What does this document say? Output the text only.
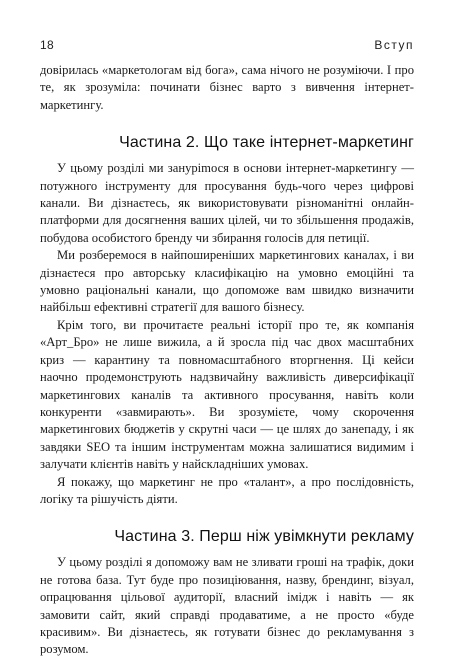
18	Вступ

довірилась «маркетологам від бога», сама нічого не розуміючи. І про те, як зрозуміла: починати бізнес варто з вивчення інтернет-маркетингу.

Частина 2. Що таке інтернет-маркетинг

У цьому розділі ми занурimося в основи інтернет-маркетингу — потужного інструменту для просування будь-чого через цифрові канали. Ви дізнаєтесь, як використовувати різноманітні онлайн-платформи для досягнення ваших цілей, чи то збільшення продажів, побудова особистого бренду чи збирання голосів для петиції.

Ми розберемося в найпоширеніших маркетингових каналах, і ви дізнаєтеся про авторську класифікацію на умовно емоційні та умовно раціональні канали, що допоможе вам швидко визначити найбільш ефективні стратегії для вашого бізнесу.

Крім того, ви прочитаєте реальні історії про те, як компанія «Арт_Бро» не лише вижила, а й зросла під час двох масштабних криз — карантину та повномасштабного вторгнення. Ці кейси наочно продемонструють надзвичайну важливість диверсифікації маркетингових каналів та активного просування, навіть коли конкуренти «завмирають». Ви зрозумієте, чому скорочення маркетингових бюджетів у скрутні часи — це шлях до занепаду, і як завдяки SEO та іншим інструментам можна залишатися видимим і залучати клієнтів навіть у найскладніших умовах.

Я покажу, що маркетинг не про «талант», а про послідовність, логіку та рішучість діяти.

Частина 3. Перш ніж увімкнути рекламу

У цьому розділі я допоможу вам не зливати гроші на трафік, доки не готова база. Тут буде про позиціювання, назву, брендинг, візуал, опрацювання цільової аудиторії, власний імідж і навіть — як замовити сайт, який справді продаватиме, а не просто «буде красивим». Ви дізнаєтесь, як готувати бізнес до рекламування з розумом.
